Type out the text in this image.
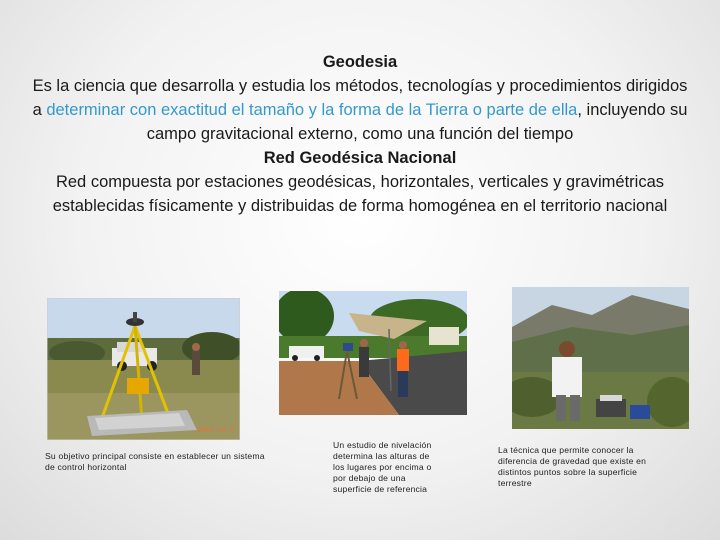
Geodesia
Es la ciencia que desarrolla y estudia los métodos, tecnologías y procedimientos dirigidos a determinar con exactitud el tamaño y la forma de la Tierra o parte de ella, incluyendo su campo gravitacional externo, como una función del tiempo
Red Geodésica Nacional
Red compuesta por estaciones geodésicas, horizontales, verticales y gravimétricas establecidas físicamente y distribuidas de forma homogénea en el territorio nacional
2006 10 3
Su objetivo principal consiste en establecer un sistema de control horizontal
Un estudio de nivelación determina las alturas de los lugares por encima o por debajo de una superficie de referencia
La técnica que permite conocer la diferencia de gravedad que existe en distintos puntos sobre la superficie terrestre
